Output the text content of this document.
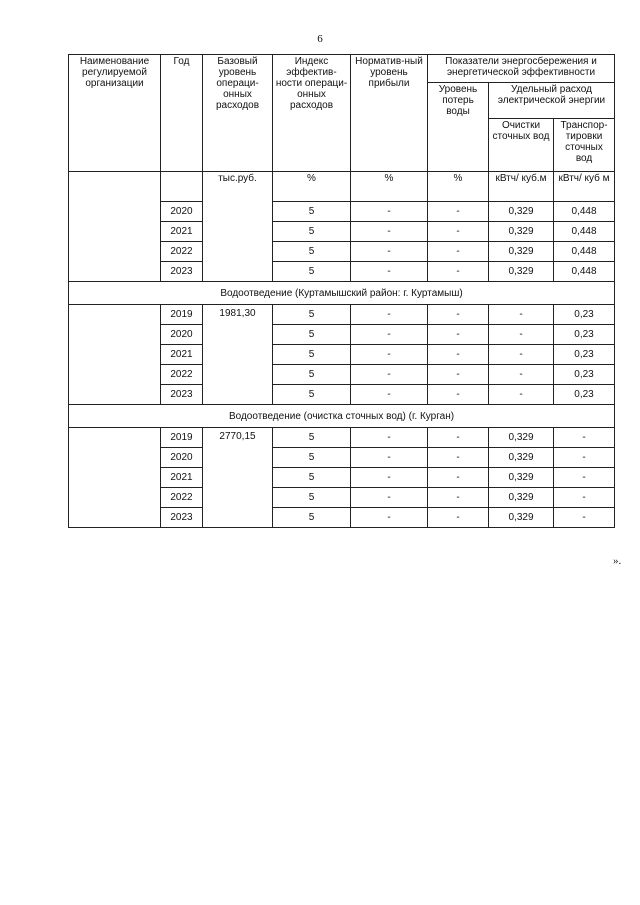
6
Наименование регулируемой организации	Год	Базовый уровень операци-онных расходов	Индекс эффектив-ности операци-онных расходов	Норматив-ный уровень прибыли	Показатели энергосбережения и энергетической эффективности		
					Уровень потерь воды	Удельный расход электрической энергии	
						Очистки сточных вод	Транспор-тировки сточных вод
		тыс.руб.	%	%	%	кВтч/ куб.м	кВтч/ куб м
	2020		5	-	-	0,329	0,448
	2021		5	-	-	0,329	0,448
	2022		5	-	-	0,329	0,448
	2023		5	-	-	0,329	0,448
Водоотведение (Куртамышский район: г. Куртамыш)							
	2019	1981,30	5	-	-	-	0,23
	2020		5	-	-	-	0,23
	2021		5	-	-	-	0,23
	2022		5	-	-	-	0,23
	2023		5	-	-	-	0,23
Водоотведение (очистка сточных вод) (г. Курган)							
	2019	2770,15	5	-	-	0,329	-
	2020		5	-	-	0,329	-
	2021		5	-	-	0,329	-
	2022		5	-	-	0,329	-
	2023		5	-	-	0,329	-
».
